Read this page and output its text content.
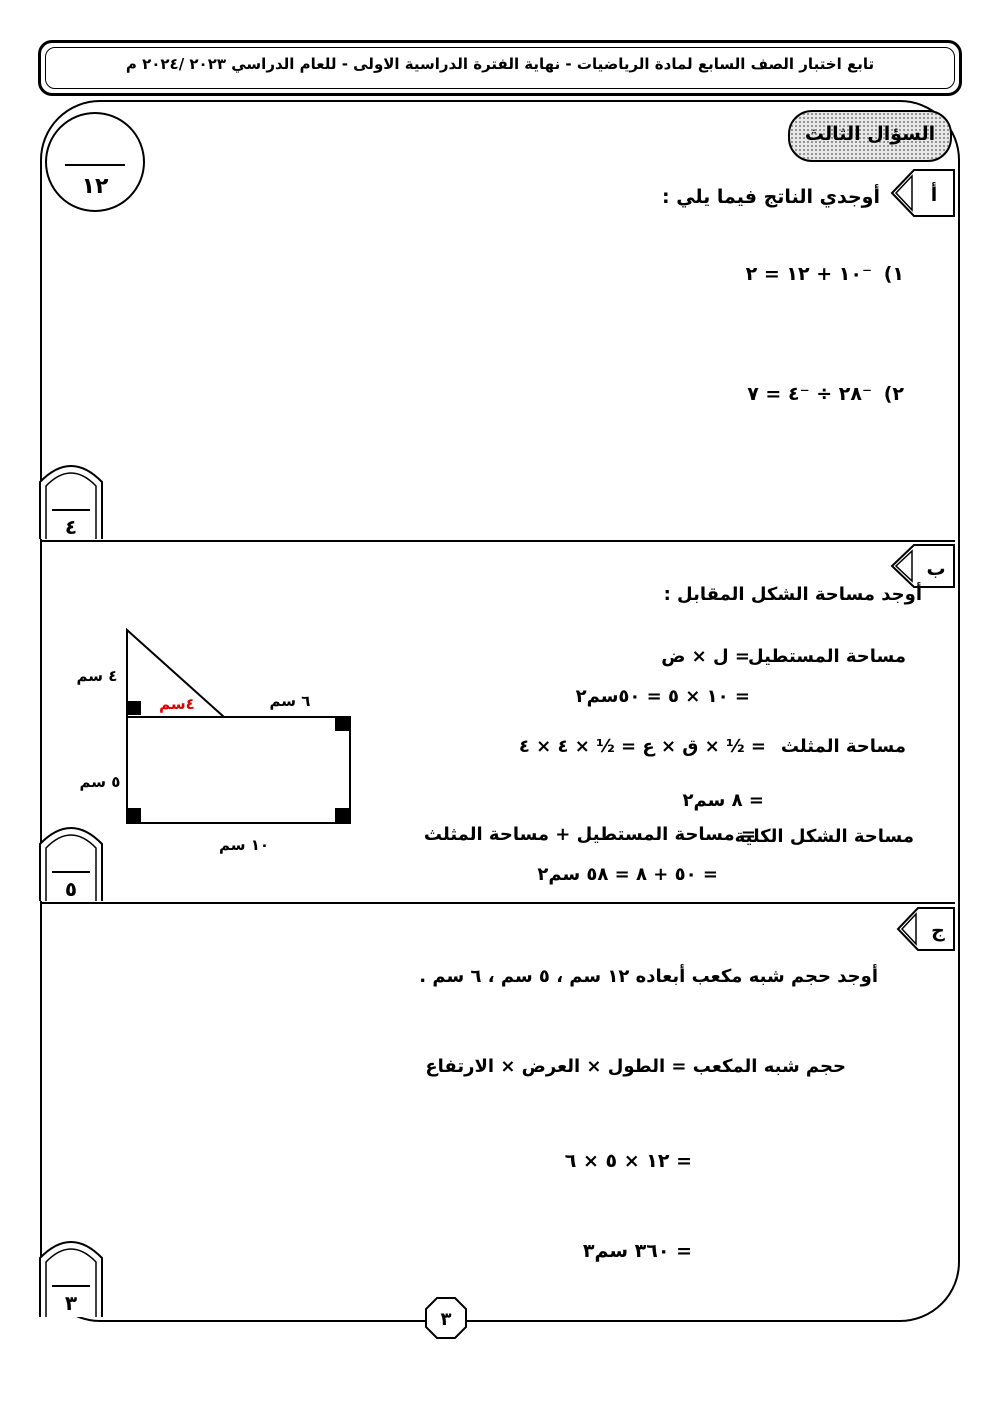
تابع اختبار الصف السابع لمادة الرياضيات - نهاية الفترة الدراسية الاولى - للعام الدراسي ٢٠٢٣ /٢٠٢٤ م
السؤال الثالث
١٢	أ
أوجدي الناتج فيما يلي :
١)
⁻١٠ + ١٢ = ٢
٢)
⁻٢٨ ÷ ⁻٤ = ٧
٤
ب
أوجد مساحة الشكل المقابل :
مساحة المستطيل
= ل × ض
= ١٠ × ٥ = ٥٠سم٢
مساحة المثلث
= ½ × ق × ع = ½ × ٤ × ٤
= ٨ سم٢
مساحة الشكل الكلية
= مساحة المستطيل + مساحة المثلث
= ٥٠ + ٨ = ٥٨ سم٢
٤ سم
٤سم	٦ سم
٥ سم
١٠ سم
٥
ج
أوجد حجم شبه مكعب أبعاده ١٢ سم ، ٥ سم ، ٦ سم .
حجم شبه المكعب = الطول × العرض × الارتفاع
= ١٢ × ٥ × ٦
= ٣٦٠ سم٣
٣
٣
